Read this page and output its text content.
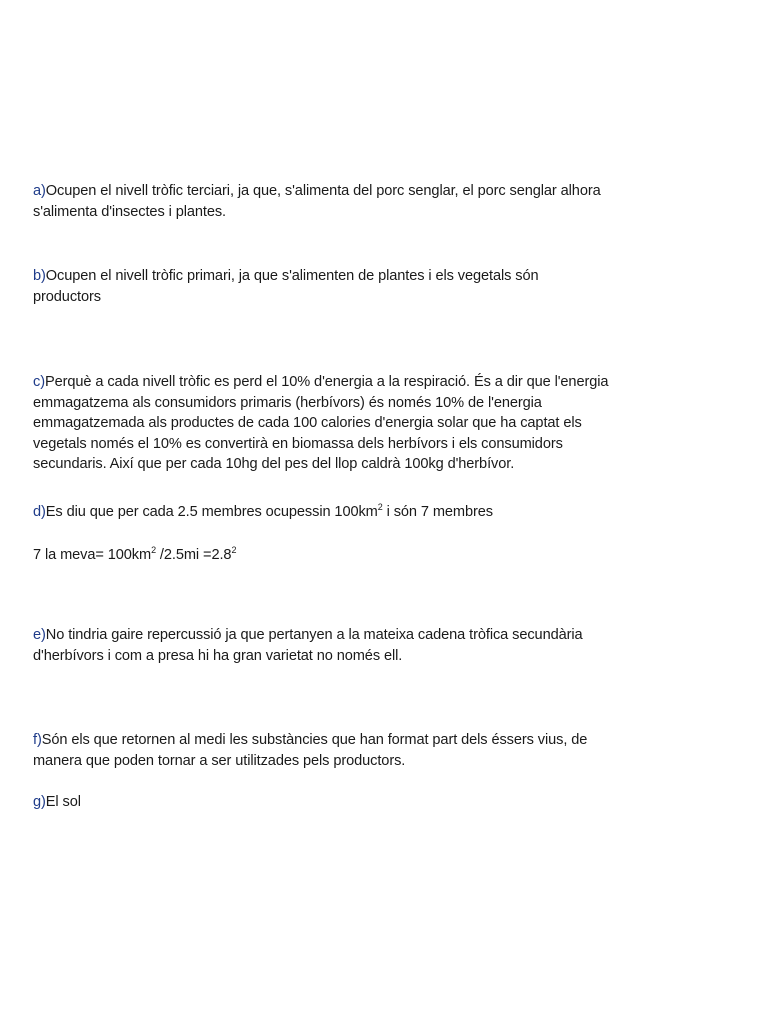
a)Ocupen el nivell tròfic terciari, ja que, s'alimenta del porc senglar, el porc senglar alhora
s'alimenta d'insectes i plantes.

b)Ocupen el nivell tròfic primari, ja que s'alimenten de plantes i els vegetals són
productors

c)Perquè a cada nivell tròfic es perd el 10% d'energia a la respiració. És a dir que l'energia
emmagatzema als consumidors primaris (herbívors) és només 10% de l'energia
emmagatzemada als productes de cada 100 calories d'energia solar que ha captat els
vegetals només el 10% es convertirà en biomassa dels herbívors i els consumidors
secundaris. Així que per cada 10hg del pes del llop caldrà 100kg d'herbívor.

d)Es diu que per cada 2.5 membres ocupessin $100km^2$ i són 7 membres

7 la meva= $100km^2$ $/2.5mi =2.8^2$

e)No tindria gaire repercussió ja que pertanyen a la mateixa cadena tròfica secundària
d'herbívors i com a presa hi ha gran varietat no només ell.

f)Són els que retornen al medi les substàncies que han format part dels éssers vius, de
manera que poden tornar a ser utilitzades pels productors.

g)El sol
